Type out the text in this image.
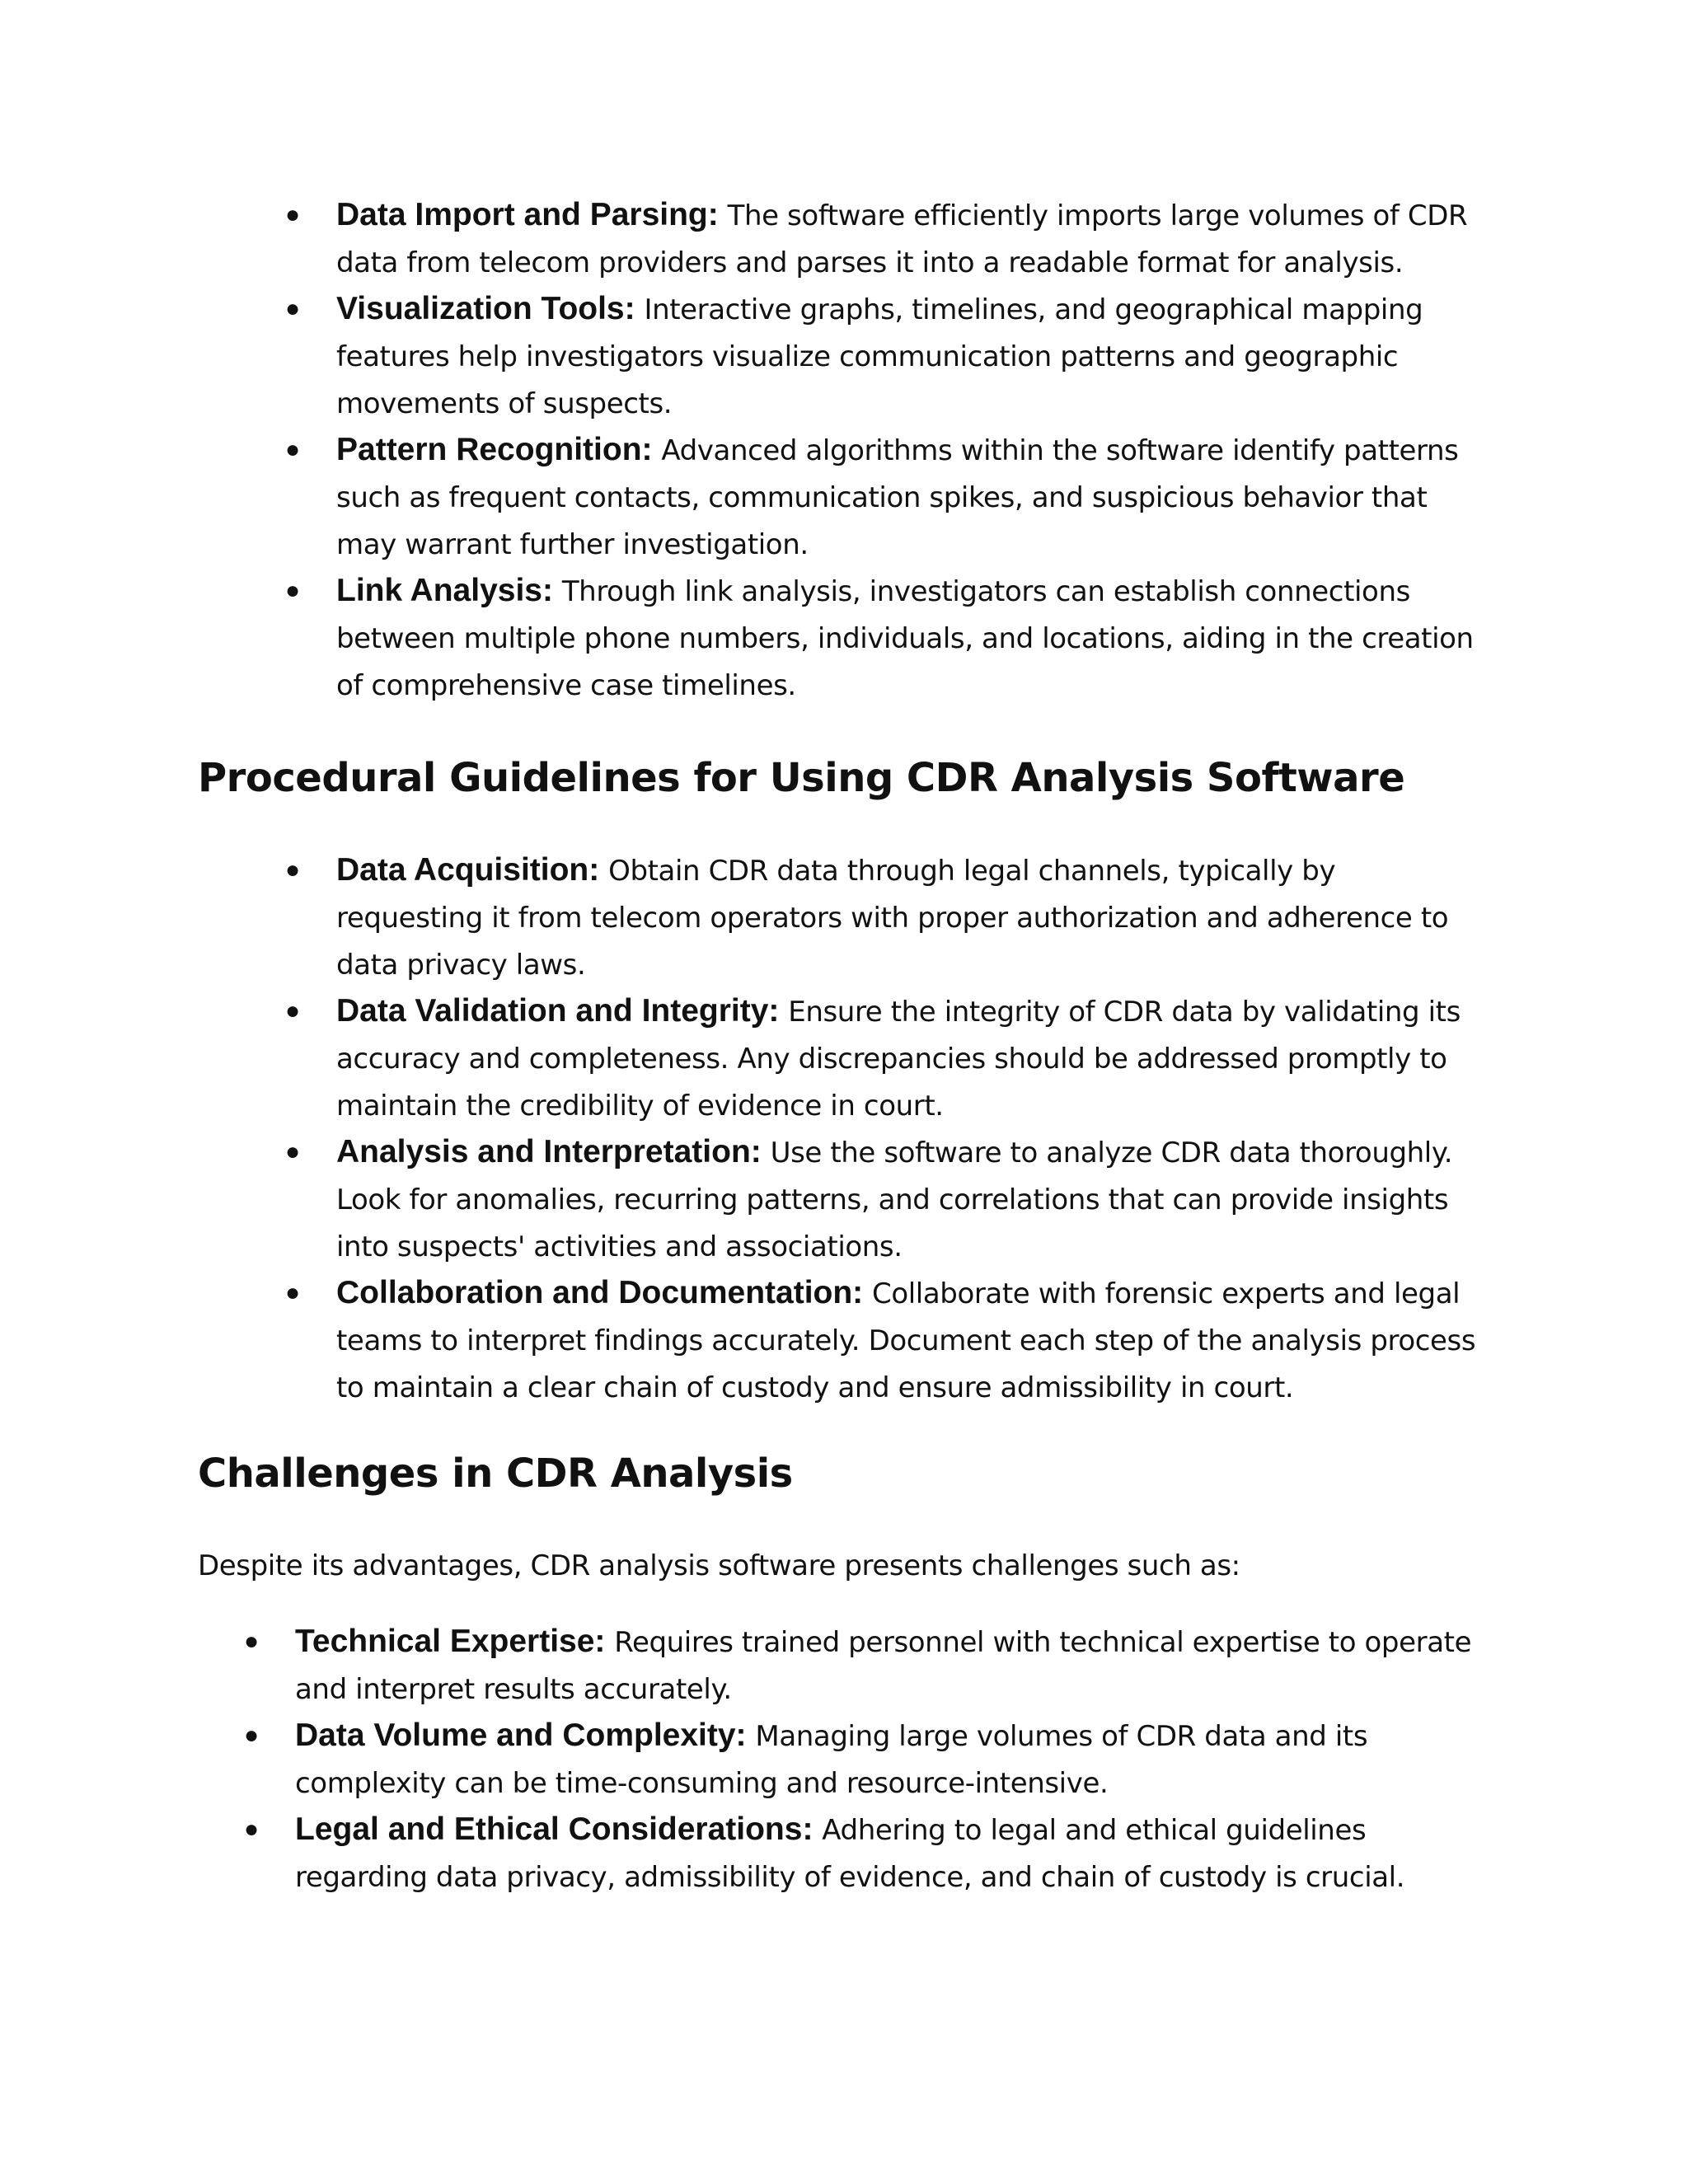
● Data Import and Parsing: The software efficiently imports large volumes of CDR data from telecom providers and parses it into a readable format for analysis.
● Visualization Tools: Interactive graphs, timelines, and geographical mapping features help investigators visualize communication patterns and geographic movements of suspects.
● Pattern Recognition: Advanced algorithms within the software identify patterns such as frequent contacts, communication spikes, and suspicious behavior that may warrant further investigation.
● Link Analysis: Through link analysis, investigators can establish connections between multiple phone numbers, individuals, and locations, aiding in the creation of comprehensive case timelines.
Procedural Guidelines for Using CDR Analysis Software
● Data Acquisition: Obtain CDR data through legal channels, typically by requesting it from telecom operators with proper authorization and adherence to data privacy laws.
● Data Validation and Integrity: Ensure the integrity of CDR data by validating its accuracy and completeness. Any discrepancies should be addressed promptly to maintain the credibility of evidence in court.
● Analysis and Interpretation: Use the software to analyze CDR data thoroughly. Look for anomalies, recurring patterns, and correlations that can provide insights into suspects' activities and associations.
● Collaboration and Documentation: Collaborate with forensic experts and legal teams to interpret findings accurately. Document each step of the analysis process to maintain a clear chain of custody and ensure admissibility in court.
Challenges in CDR Analysis

Despite its advantages, CDR analysis software presents challenges such as:

● Technical Expertise: Requires trained personnel with technical expertise to operate and interpret results accurately.
● Data Volume and Complexity: Managing large volumes of CDR data and its complexity can be time-consuming and resource-intensive.
● Legal and Ethical Considerations: Adhering to legal and ethical guidelines regarding data privacy, admissibility of evidence, and chain of custody is crucial.
